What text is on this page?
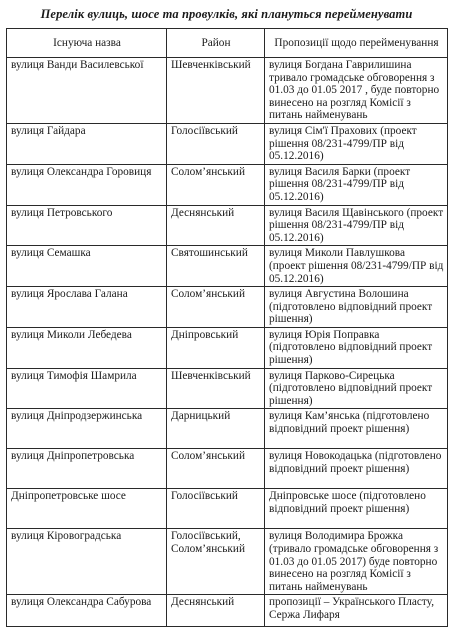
Перелік вулиць, шосе та провулків, які плануться перейменувати
Існуюча назва	Район	Пропозиції щодо перейменування

вулиця Ванди Василевської	Шевченківський	вулиця Богдана Гаврилишина тривало громадське обговорення з 01.03 до 01.05 2017 , буде повторно винесено на розгляд Комісії з питань найменувань
вулиця Гайдара	Голосіївський	вулиця Сім'ї Прахових (проект рішення 08/231-4799/ПР від 05.12.2016)
вулиця Олександра Горовиця	Солом’янський	вулиця Василя Барки (проект рішення 08/231-4799/ПР від 05.12.2016)
вулиця Петровського	Деснянський	вулиця Василя Щавінського (проект рішення 08/231-4799/ПР від 05.12.2016)
вулиця Семашка	Святошинський	вулиця Миколи Павлушкова (проект рішення 08/231-4799/ПР від 05.12.2016)
вулиця Ярослава Галана	Солом’янський	вулиця Августина Волошина (підготовлено відповідний проект рішення)
вулиця Миколи Лебедева	Дніпровський	вулиця Юрія Поправка (підготовлено відповідний проект рішення)
вулиця Тимофія Шамрила	Шевченківський	вулиця Парково-Сирецька (підготовлено відповідний проект рішення)
вулиця Дніпродзержинська	Дарницький	вулиця Кам’янська (підготовлено відповідний проект рішення)
вулиця Дніпропетровська	Солом’янський	вулиця Новокодацька (підготовлено відповідний проект рішення)
Дніпропетровське шосе	Голосіївський	Дніпровське шосе (підготовлено відповідний проект рішення)
вулиця Кіровоградська	Голосіївський, Солом’янський	вулиця Володимира Брожка (тривало громадське обговорення з 01.03 до 01.05 2017) буде повторно винесено на розгляд Комісії з питань найменувань
вулиця Олександра Сабурова	Деснянський	пропозиції – Українського Пласту, Сержа Лифаря
